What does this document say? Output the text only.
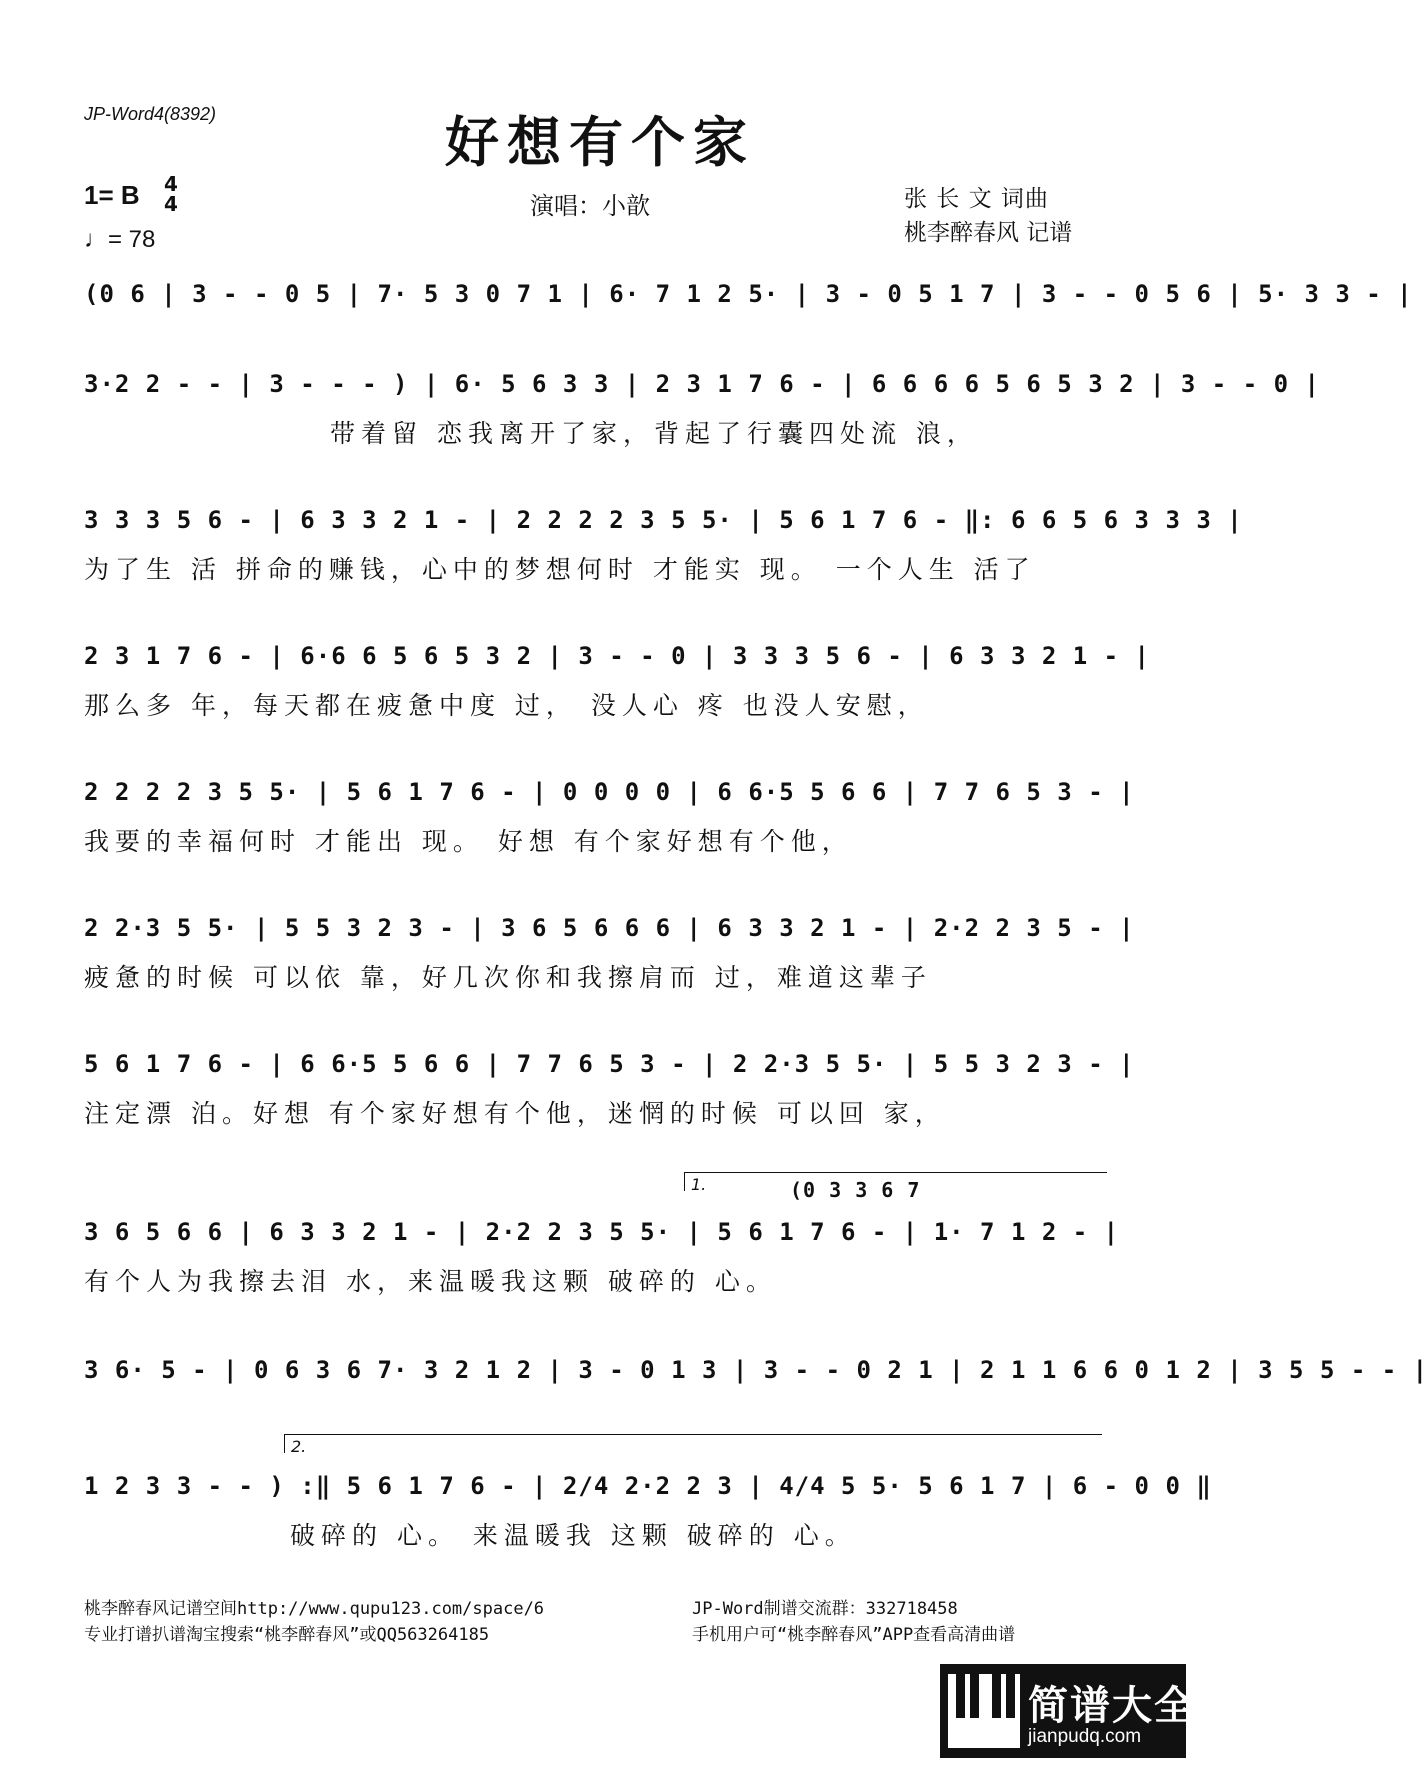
JP-Word4(8392)	好想有个家
1= B 4
4
♩= 78
演唱：小歆	张 长 文 词曲
桃李醉春风 记谱
(0 6 | 3 - - 0 5 | 7· 5 3 0 7 1 | 6· 7 1 2 5· | 3 - 0 5 1 7 | 3 - - 0 5 6 | 5· 3 3 - |
3·2 2 - - | 3 - - - ) | 6· 5 6 3 3 | 2 3 1 7 6 - | 6 6 6 6 5 6 5 3 2 | 3 - - 0 |
带着留 恋我离开了家，背起了行囊四处流 浪，
3 3 3 5 6 - | 6 3 3 2 1 - | 2 2 2 2 3 5 5· | 5 6 1 7 6 - ‖: 6 6 5 6 3 3 3 |
为了生 活 拼命的赚钱，心中的梦想何时 才能实 现。 一个人生 活了
2 3 1 7 6 - | 6·6 6 5 6 5 3 2 | 3 - - 0 | 3 3 3 5 6 - | 6 3 3 2 1 - |
那么多 年，每天都在疲惫中度 过， 没人心 疼 也没人安慰，
2 2 2 2 3 5 5· | 5 6 1 7 6 - | 0 0 0 0 | 6 6·5 5 6 6 | 7 7 6 5 3 - |
我要的幸福何时 才能出 现。 好想 有个家好想有个他，
2 2·3 5 5· | 5 5 3 2 3 - | 3 6 5 6 6 6 | 6 3 3 2 1 - | 2·2 2 3 5 - |
疲惫的时候 可以依 靠，好几次你和我擦肩而 过，难道这辈子
5 6 1 7 6 - | 6 6·5 5 6 6 | 7 7 6 5 3 - | 2 2·3 5 5· | 5 5 3 2 3 - |
注定漂 泊。好想 有个家好想有个他，迷惘的时候 可以回 家，
1.	(0 3 3 6 7
3 6 5 6 6 | 6 3 3 2 1 - | 2·2 2 3 5 5· | 5 6 1 7 6 - | 1· 7 1 2 - |
有个人为我擦去泪 水，来温暖我这颗 破碎的 心。
3 6· 5 - | 0 6 3 6 7· 3 2 1 2 | 3 - 0 1 3 | 3 - - 0 2 1 | 2 1 1 6 6 0 1 2 | 3 5 5 - - |
2.
1 2 3 3 - - ) :‖ 5 6 1 7 6 - | 2/4 2·2 2 3 | 4/4 5 5· 5 6 1 7 | 6 - 0 0 ‖
破碎的 心。 来温暖我 这颗 破碎的 心。
桃李醉春风记谱空间http://www.qupu123.com/space/6
专业打谱扒谱淘宝搜索“桃李醉春风”或QQ563264185
JP-Word制谱交流群：332718458
手机用户可“桃李醉春风”APP查看高清曲谱
简谱大全
jianpudq.com
